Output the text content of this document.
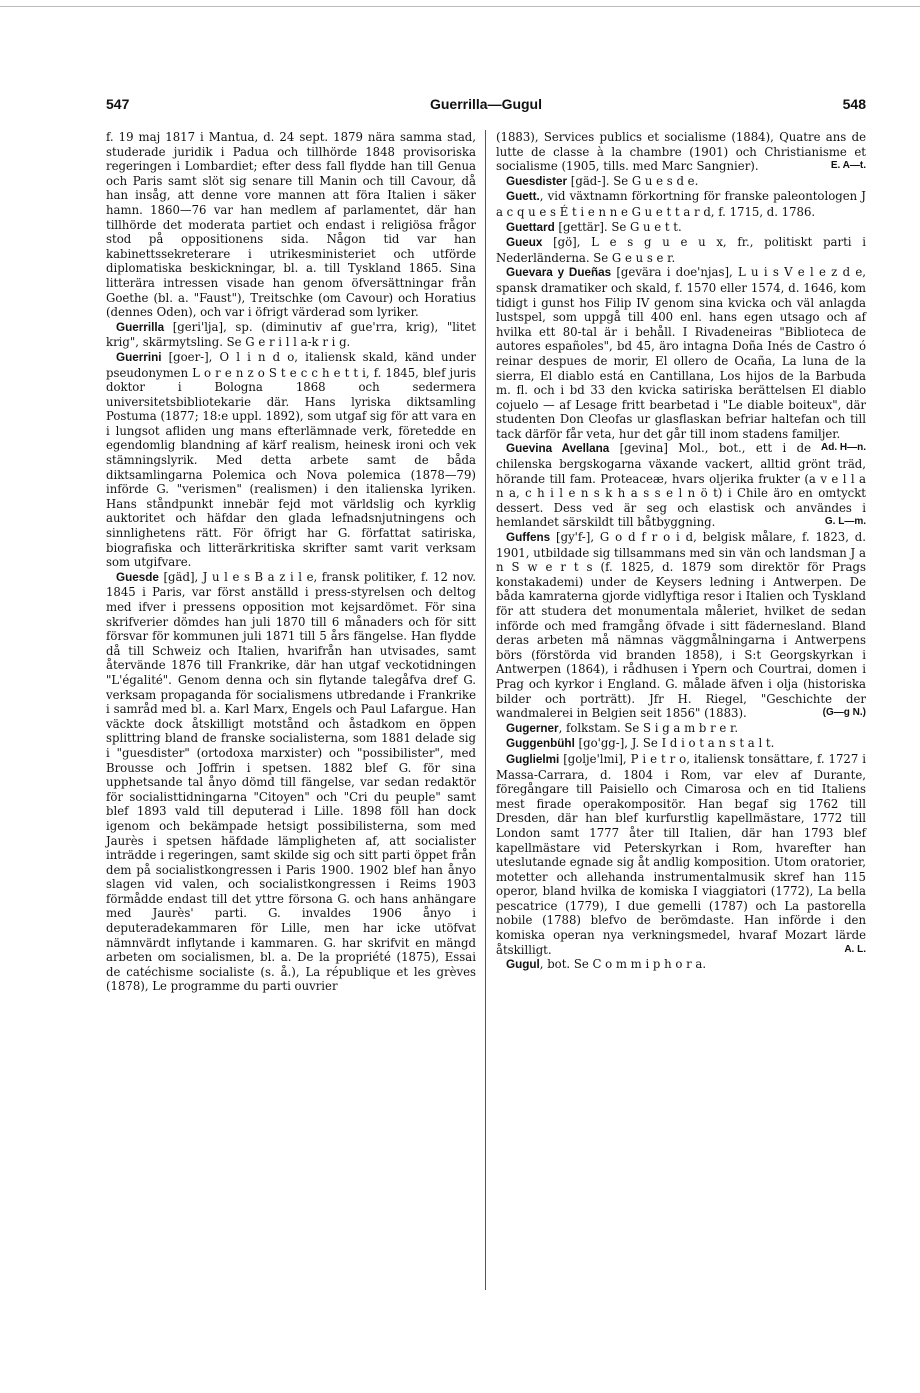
547	Guerrilla—Gugul	548

f. 19 maj 1817 i Mantua, d. 24 sept. 1879 nära samma stad, studerade juridik i Padua och tillhörde 1848 provisoriska regeringen i Lombardiet; efter dess fall flydde han till Genua och Paris samt slöt sig senare till Manin och till Cavour, då han insåg, att denne vore mannen att föra Italien i säker hamn. 1860—76 var han medlem af parlamentet, där han tillhörde det moderata partiet och endast i religiösa frågor stod på oppositionens sida. Någon tid var han kabinettssekreterare i utrikesministeriet och utförde diplomatiska beskickningar, bl. a. till Tyskland 1865. Sina litterära intressen visade han genom öfversättningar från Goethe (bl. a. "Faust"), Treitschke (om Cavour) och Horatius (dennes Oden), och var i öfrigt värderad som lyriker.

Guerrilla [geri'lja], sp. (diminutiv af gue'rra, krig), "litet krig", skärmytsling. Se G e r i l l a-k r i g.

Guerrini [goer-], O l i n d o, italiensk skald, känd under pseudonymen L o r e n z o S t e c c h e t t i, f. 1845, blef juris doktor i Bologna 1868 och sedermera universitetsbibliotekarie där. Hans lyriska diktsamling Postuma (1877; 18:e uppl. 1892), som utgaf sig för att vara en i lungsot afliden ung mans efterlämnade verk, företedde en egendomlig blandning af kärf realism, heinesk ironi och vek stämningslyrik. Med detta arbete samt de båda diktsamlingarna Polemica och Nova polemica (1878—79) införde G. "verismen" (realismen) i den italienska lyriken. Hans ståndpunkt innebär fejd mot världslig och kyrklig auktoritet och häfdar den glada lefnadsnjutningens och sinnlighetens rätt. För öfrigt har G. författat satiriska, biografiska och litterärkritiska skrifter samt varit verksam som utgifvare.

Guesde [gäd], J u l e s B a z i l e, fransk politiker, f. 12 nov. 1845 i Paris, var först anställd i press-styrelsen och deltog med ifver i pressens opposition mot kejsardömet. För sina skrifverier dömdes han juli 1870 till 6 månaders och för sitt försvar för kommunen juli 1871 till 5 års fängelse. Han flydde då till Schweiz och Italien, hvarifrån han utvisades, samt återvände 1876 till Frankrike, där han utgaf veckotidningen "L'égalité". Genom denna och sin flytande talegåfva dref G. verksam propaganda för socialismens utbredande i Frankrike i samråd med bl. a. Karl Marx, Engels och Paul Lafargue. Han väckte dock åtskilligt motstånd och åstadkom en öppen splittring bland de franske socialisterna, som 1881 delade sig i "guesdister" (ortodoxa marxister) och "possibilister", med Brousse och Joffrin i spetsen. 1882 blef G. för sina upphetsande tal ånyo dömd till fängelse, var sedan redaktör för socialisttidningarna "Citoyen" och "Cri du peuple" samt blef 1893 vald till deputerad i Lille. 1898 föll han dock igenom och bekämpade hetsigt possibilisterna, som med Jaurès i spetsen häfdade lämpligheten af, att socialister inträdde i regeringen, samt skilde sig och sitt parti öppet från dem på socialistkongressen i Paris 1900. 1902 blef han ånyo slagen vid valen, och socialistkongressen i Reims 1903 förmådde endast till det yttre försona G. och hans anhängare med Jaurès' parti. G. invaldes 1906 ånyo i deputeradekammaren för Lille, men har icke utöfvat nämnvärdt inflytande i kammaren. G. har skrifvit en mängd arbeten om socialismen, bl. a. De la propriété (1875), Essai de catéchisme socialiste (s. å.), La république et les grèves (1878), Le programme du parti ouvrier

(1883), Services publics et socialisme (1884), Quatre ans de lutte de classe à la chambre (1901) och Christianisme et socialisme (1905, tills. med Marc Sangnier).	E. A—t.

Guesdister [gäd-]. Se G u e s d e.

Guett., vid växtnamn förkortning för franske paleontologen J a c q u e s É t i e n n e G u e t t a r d, f. 1715, d. 1786.

Guettard [gettär]. Se G u e t t.

Gueux [gö], L e s g u e u x, fr., politiskt parti i Nederländerna. Se G e u s e r.

Guevara y Dueñas [gevära i doe'njas], L u i s V e l e z d e, spansk dramatiker och skald, f. 1570 eller 1574, d. 1646, kom tidigt i gunst hos Filip IV genom sina kvicka och väl anlagda lustspel, som uppgå till 400 enl. hans egen utsago och af hvilka ett 80-tal är i behåll. I Rivadeneiras "Biblioteca de autores españoles", bd 45, äro intagna Doña Inés de Castro ó reinar despues de morir, El ollero de Ocaña, La luna de la sierra, El diablo está en Cantillana, Los hijos de la Barbuda m. fl. och i bd 33 den kvicka satiriska berättelsen El diablo cojuelo — af Lesage fritt bearbetad i "Le diable boiteux", där studenten Don Cleofas ur glasflaskan befriar haltefan och till tack därför får veta, hur det går till inom stadens familjer.
Ad. H—n.

Guevina Avellana [gevina] Mol., bot., ett i de chilenska bergskogarna växande vackert, alltid grönt träd, hörande till fam. Proteaceæ, hvars oljerika frukter (a v e l l a n a, c h i l e n s k h a s s e l n ö t) i Chile äro en omtyckt dessert. Dess ved är seg och elastisk och användes i hemlandet särskildt till båtbyggning.	G. L—m.

Guffens [gy'f-], G o d f r o i d, belgisk målare, f. 1823, d. 1901, utbildade sig tillsammans med sin vän och landsman J a n S w e r t s (f. 1825, d. 1879 som direktör för Prags konstakademi) under de Keysers ledning i Antwerpen. De båda kamraterna gjorde vidlyftiga resor i Italien och Tyskland för att studera det monumentala måleriet, hvilket de sedan införde och med framgång öfvade i sitt fädernesland. Bland deras arbeten må nämnas väggmålningarna i Antwerpens börs (förstörda vid branden 1858), i S:t Georgskyrkan i Antwerpen (1864), i rådhusen i Ypern och Courtrai, domen i Prag och kyrkor i England. G. målade äfven i olja (historiska bilder och porträtt). Jfr H. Riegel, "Geschichte der wandmalerei in Belgien seit 1856" (1883).	(G—g N.)

Gugerner, folkstam. Se S i g a m b r e r.

Guggenbühl [go'gg-], J. Se I d i o t a n s t a l t.

Guglielmi [golje'lmi], P i e t r o, italiensk tonsättare, f. 1727 i Massa-Carrara, d. 1804 i Rom, var elev af Durante, föregångare till Paisiello och Cimarosa och en tid Italiens mest firade operakompositör. Han begaf sig 1762 till Dresden, där han blef kurfurstlig kapellmästare, 1772 till London samt 1777 åter till Italien, där han 1793 blef kapellmästare vid Peterskyrkan i Rom, hvarefter han uteslutande egnade sig åt andlig komposition. Utom oratorier, motetter och allehanda instrumentalmusik skref han 115 operor, bland hvilka de komiska I viaggiatori (1772), La bella pescatrice (1779), I due gemelli (1787) och La pastorella nobile (1788) blefvo de berömdaste. Han införde i den komiska operan nya verkningsmedel, hvaraf Mozart lärde åtskilligt.	A. L.

Gugul, bot. Se C o m m i p h o r a.
